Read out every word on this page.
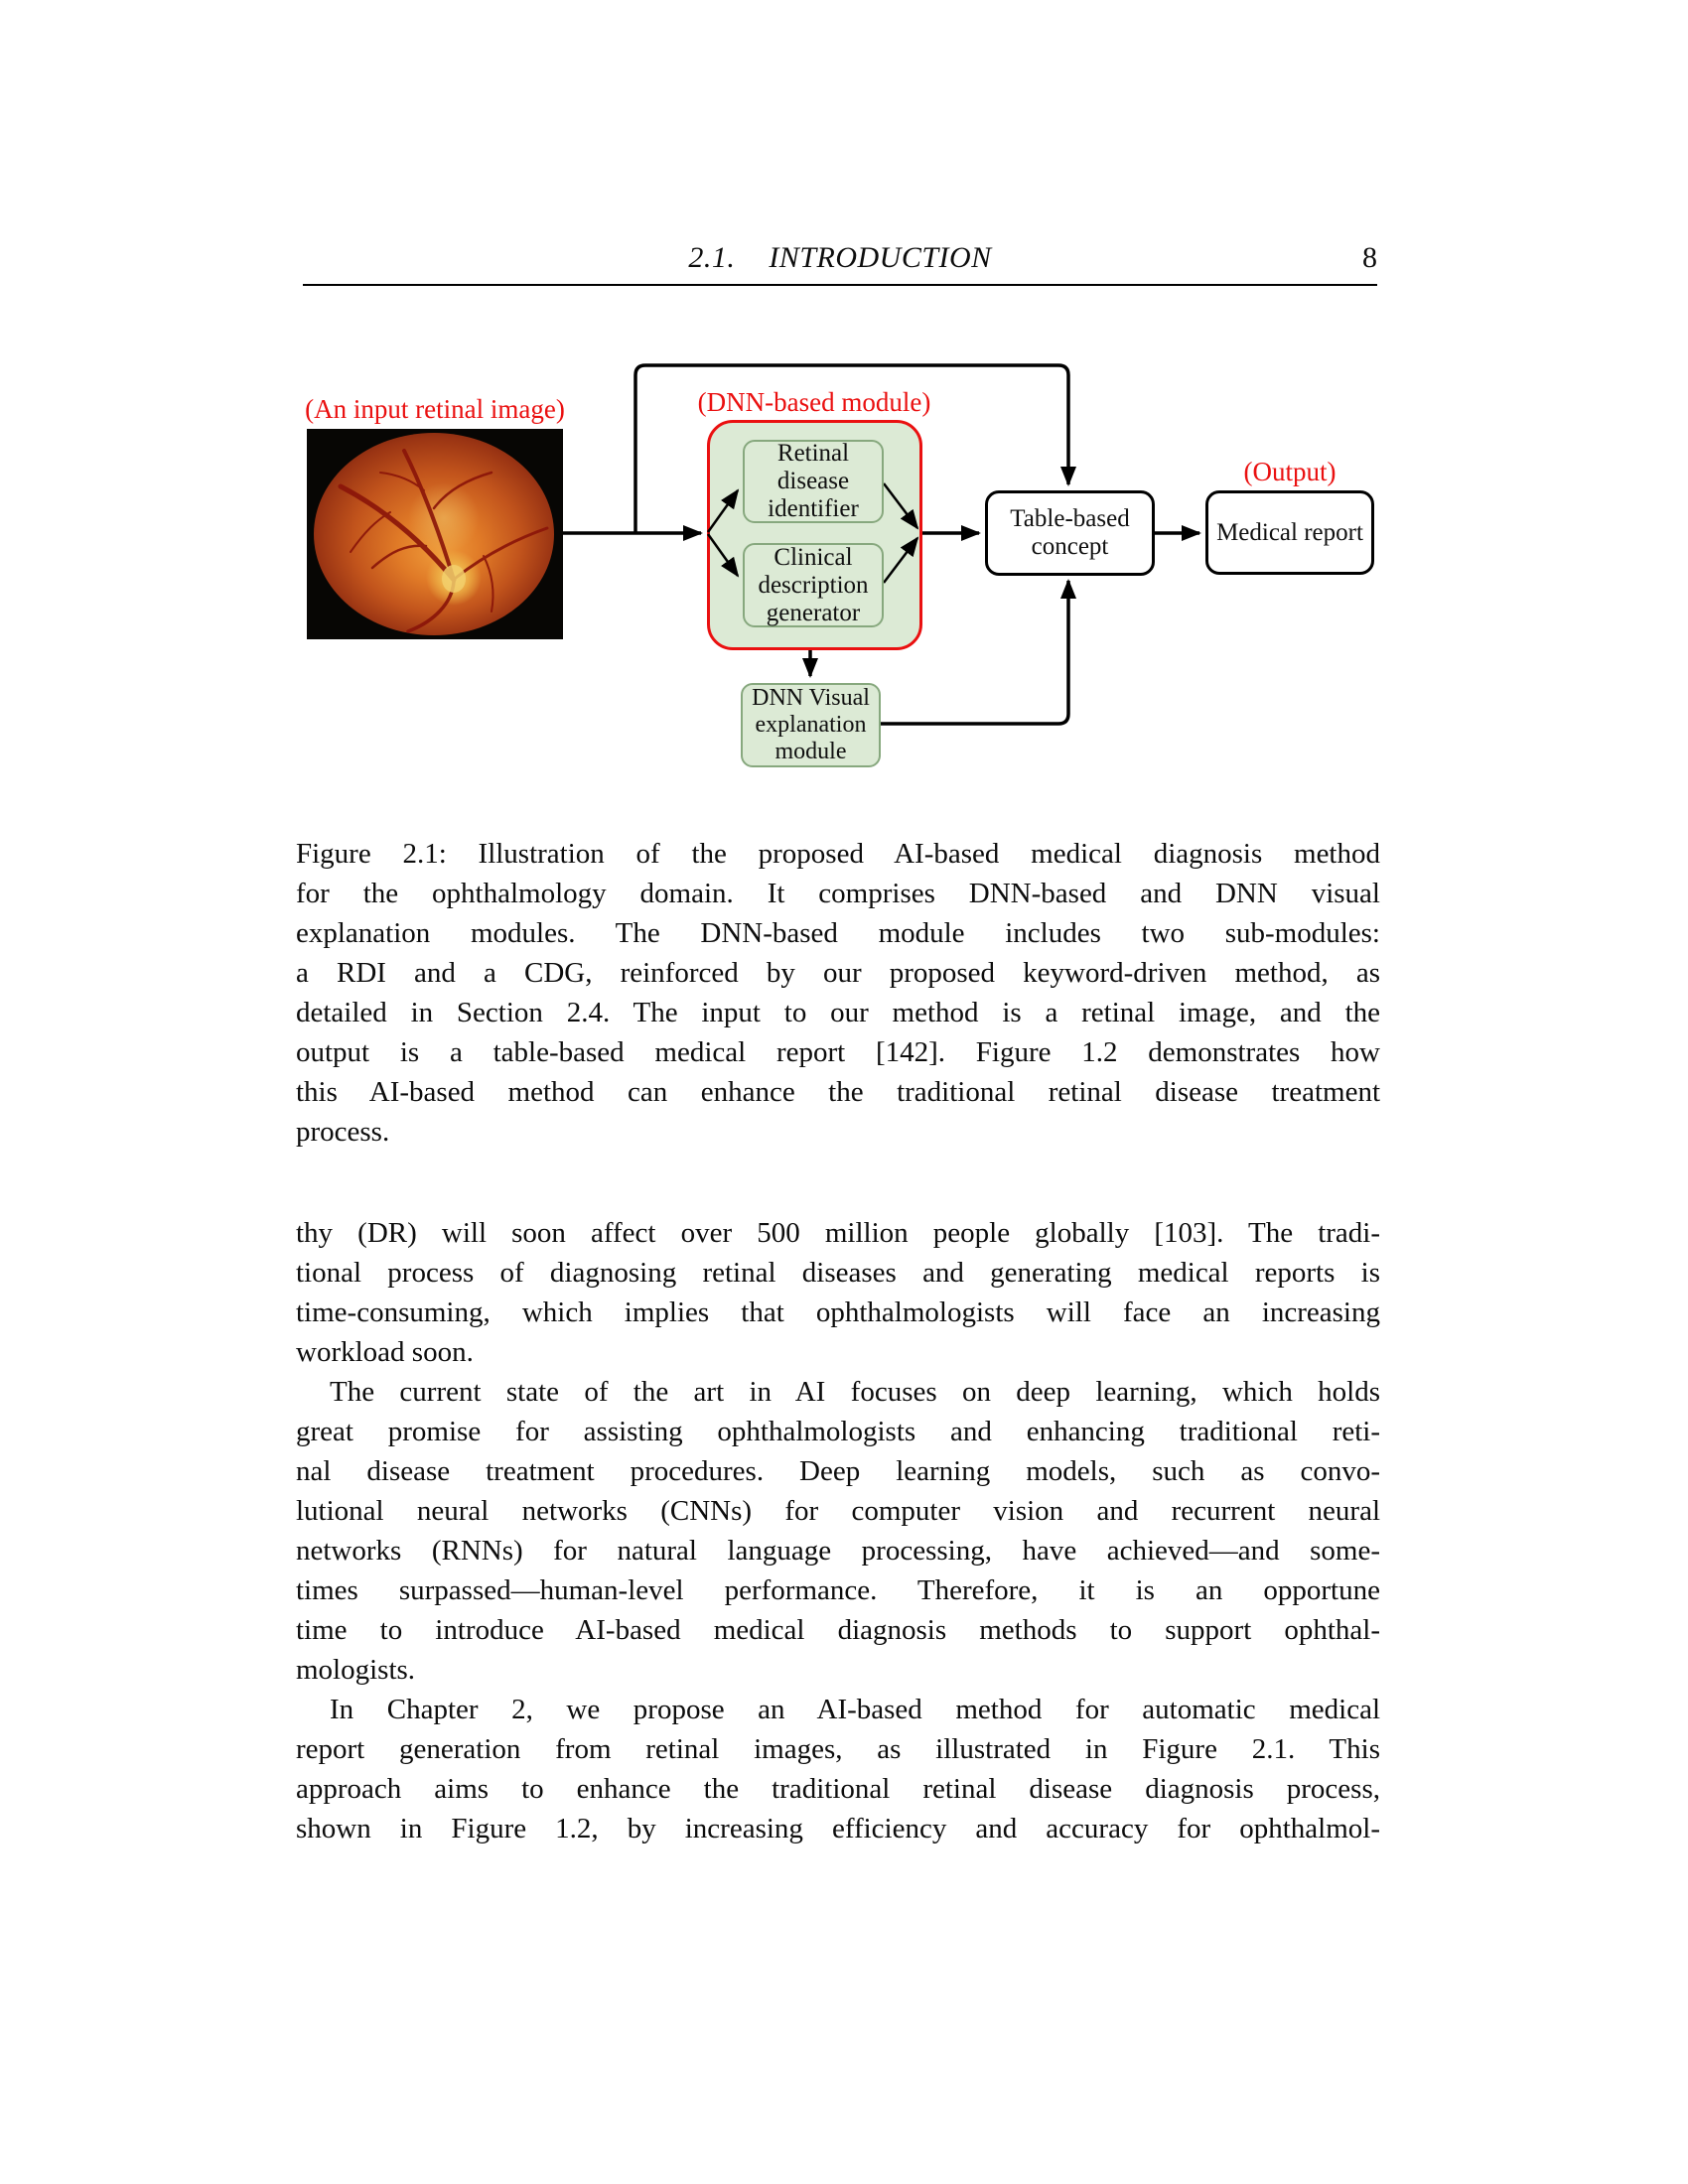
2.1. INTRODUCTION	8
(An input retinal image)	(DNN-based module)
(Output)
Retinal
disease
identifier
Clinical
description
generator
Table-based
concept
Medical report
DNN Visual
explanation
module
Figure 2.1: Illustration of the proposed AI-based medical diagnosis method
for the ophthalmology domain. It comprises DNN-based and DNN visual
explanation modules. The DNN-based module includes two sub-modules:
a RDI and a CDG, reinforced by our proposed keyword-driven method, as
detailed in Section 2.4. The input to our method is a retinal image, and the
output is a table-based medical report [142]. Figure 1.2 demonstrates how
this AI-based method can enhance the traditional retinal disease treatment
process.
thy (DR) will soon affect over 500 million people globally [103]. The tradi-
tional process of diagnosing retinal diseases and generating medical reports is
time-consuming, which implies that ophthalmologists will face an increasing
workload soon.
The current state of the art in AI focuses on deep learning, which holds
great promise for assisting ophthalmologists and enhancing traditional reti-
nal disease treatment procedures. Deep learning models, such as convo-
lutional neural networks (CNNs) for computer vision and recurrent neural
networks (RNNs) for natural language processing, have achieved—and some-
times surpassed—human-level performance. Therefore, it is an opportune
time to introduce AI-based medical diagnosis methods to support ophthal-
mologists.
In Chapter 2, we propose an AI-based method for automatic medical
report generation from retinal images, as illustrated in Figure 2.1. This
approach aims to enhance the traditional retinal disease diagnosis process,
shown in Figure 1.2, by increasing efficiency and accuracy for ophthalmol-
